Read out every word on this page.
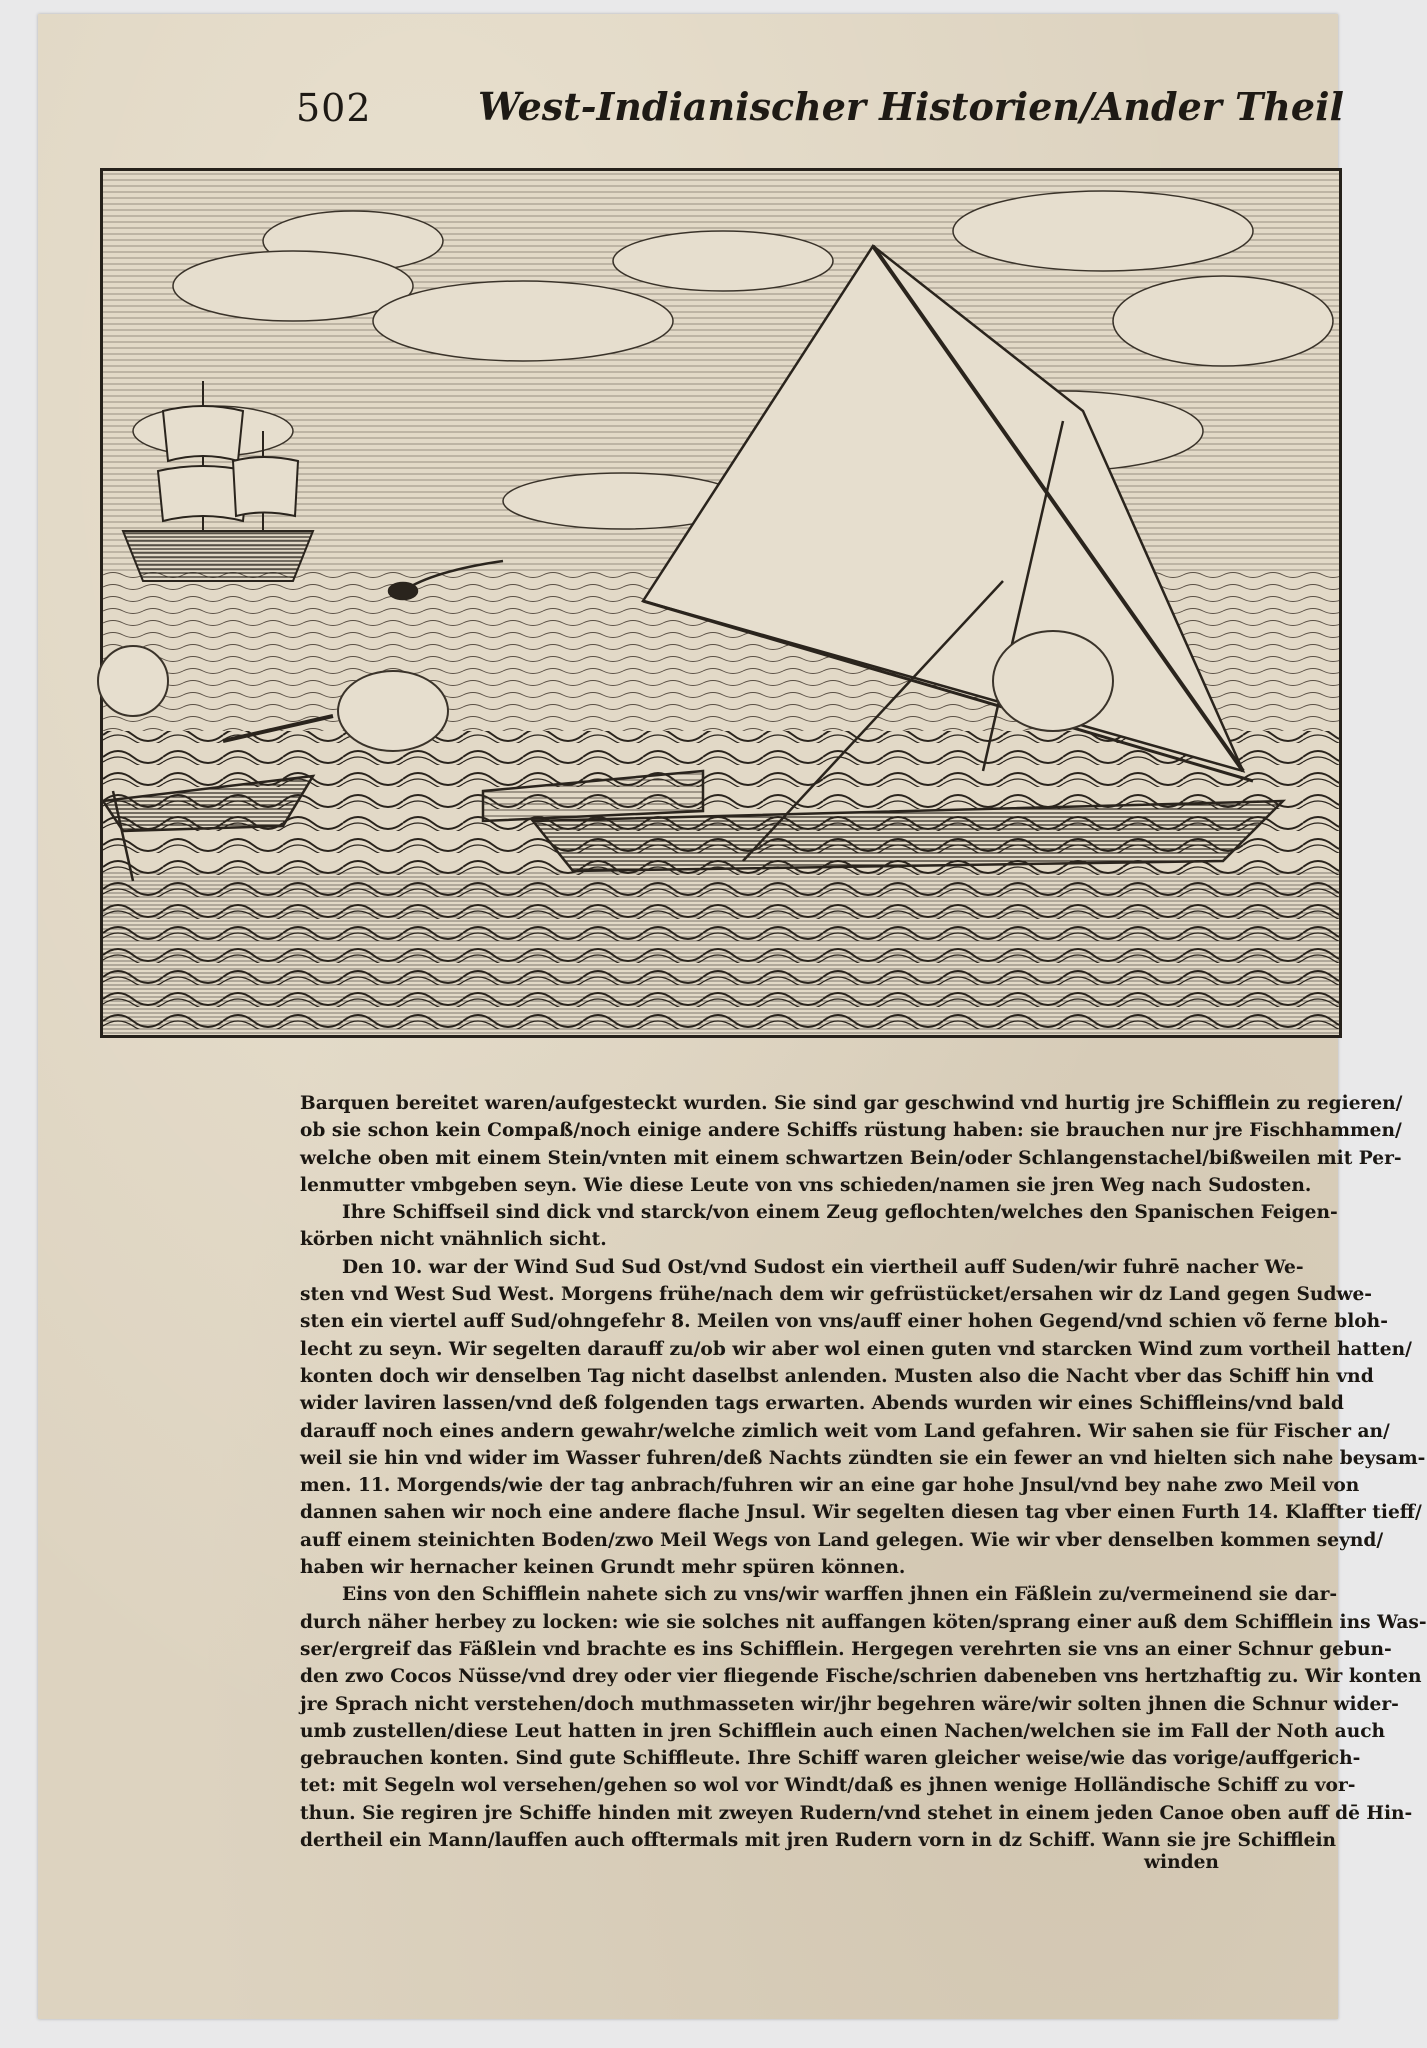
502	West-Indianischer Historien/Ander Theil
Barquen bereitet waren/aufgesteckt wurden. Sie sind gar geschwind vnd hurtig jre Schifflein zu regieren/
ob sie schon kein Compaß/noch einige andere Schiffs rüstung haben: sie brauchen nur jre Fischhammen/
welche oben mit einem Stein/vnten mit einem schwartzen Bein/oder Schlangenstachel/bißweilen mit Per-
lenmutter vmbgeben seyn. Wie diese Leute von vns schieden/namen sie jren Weg nach Sudosten.
Ihre Schiffseil sind dick vnd starck/von einem Zeug geflochten/welches den Spanischen Feigen-
körben nicht vnähnlich sicht.
Den 10. war der Wind Sud Sud Ost/vnd Sudost ein viertheil auff Suden/wir fuhrē nacher We-
sten vnd West Sud West. Morgens frühe/nach dem wir gefrüstücket/ersahen wir dz Land gegen Sudwe-
sten ein viertel auff Sud/ohngefehr 8. Meilen von vns/auff einer hohen Gegend/vnd schien võ ferne bloh-
lecht zu seyn. Wir segelten darauff zu/ob wir aber wol einen guten vnd starcken Wind zum vortheil hatten/
konten doch wir denselben Tag nicht daselbst anlenden. Musten also die Nacht vber das Schiff hin vnd
wider laviren lassen/vnd deß folgenden tags erwarten. Abends wurden wir eines Schiffleins/vnd bald
darauff noch eines andern gewahr/welche zimlich weit vom Land gefahren. Wir sahen sie für Fischer an/
weil sie hin vnd wider im Wasser fuhren/deß Nachts zündten sie ein fewer an vnd hielten sich nahe beysam-
men. 11. Morgends/wie der tag anbrach/fuhren wir an eine gar hohe Jnsul/vnd bey nahe zwo Meil von
dannen sahen wir noch eine andere flache Jnsul. Wir segelten diesen tag vber einen Furth 14. Klaffter tieff/
auff einem steinichten Boden/zwo Meil Wegs von Land gelegen. Wie wir vber denselben kommen seynd/
haben wir hernacher keinen Grundt mehr spüren können.
Eins von den Schifflein nahete sich zu vns/wir warffen jhnen ein Fäßlein zu/vermeinend sie dar-
durch näher herbey zu locken: wie sie solches nit auffangen köten/sprang einer auß dem Schifflein ins Was-
ser/ergreif das Fäßlein vnd brachte es ins Schifflein. Hergegen verehrten sie vns an einer Schnur gebun-
den zwo Cocos Nüsse/vnd drey oder vier fliegende Fische/schrien dabeneben vns hertzhaftig zu. Wir konten
jre Sprach nicht verstehen/doch muthmasseten wir/jhr begehren wäre/wir solten jhnen die Schnur wider-
umb zustellen/diese Leut hatten in jren Schifflein auch einen Nachen/welchen sie im Fall der Noth auch
gebrauchen konten. Sind gute Schiffleute. Ihre Schiff waren gleicher weise/wie das vorige/auffgerich-
tet: mit Segeln wol versehen/gehen so wol vor Windt/daß es jhnen wenige Holländische Schiff zu vor-
thun. Sie regiren jre Schiffe hinden mit zweyen Rudern/vnd stehet in einem jeden Canoe oben auff dē Hin-
dertheil ein Mann/lauffen auch offtermals mit jren Rudern vorn in dz Schiff. Wann sie jre Schifflein
winden
